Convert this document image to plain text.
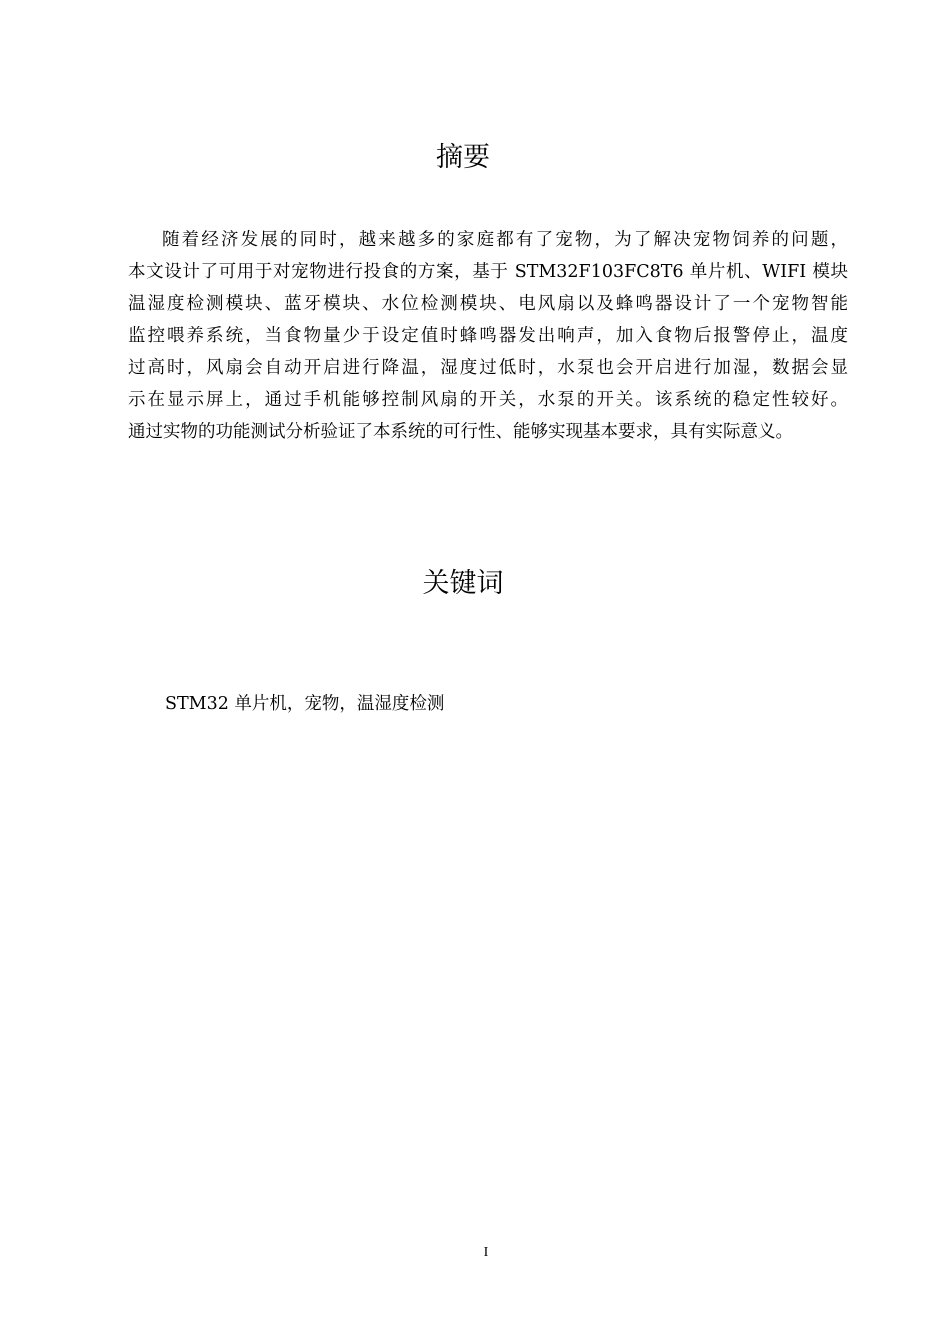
摘要
随着经济发展的同时，越来越多的家庭都有了宠物，为了解决宠物饲养的问题，
本文设计了可用于对宠物进行投食的方案，基于 STM32F103FC8T6 单片机、WIFI 模块
温湿度检测模块、蓝牙模块、水位检测模块、电风扇以及蜂鸣器设计了一个宠物智能
监控喂养系统，当食物量少于设定值时蜂鸣器发出响声，加入食物后报警停止，温度
过高时，风扇会自动开启进行降温，湿度过低时，水泵也会开启进行加湿，数据会显
示在显示屏上，通过手机能够控制风扇的开关，水泵的开关。该系统的稳定性较好。
通过实物的功能测试分析验证了本系统的可行性、能够实现基本要求，具有实际意义。
关键词

STM32 单片机，宠物，温湿度检测

I
